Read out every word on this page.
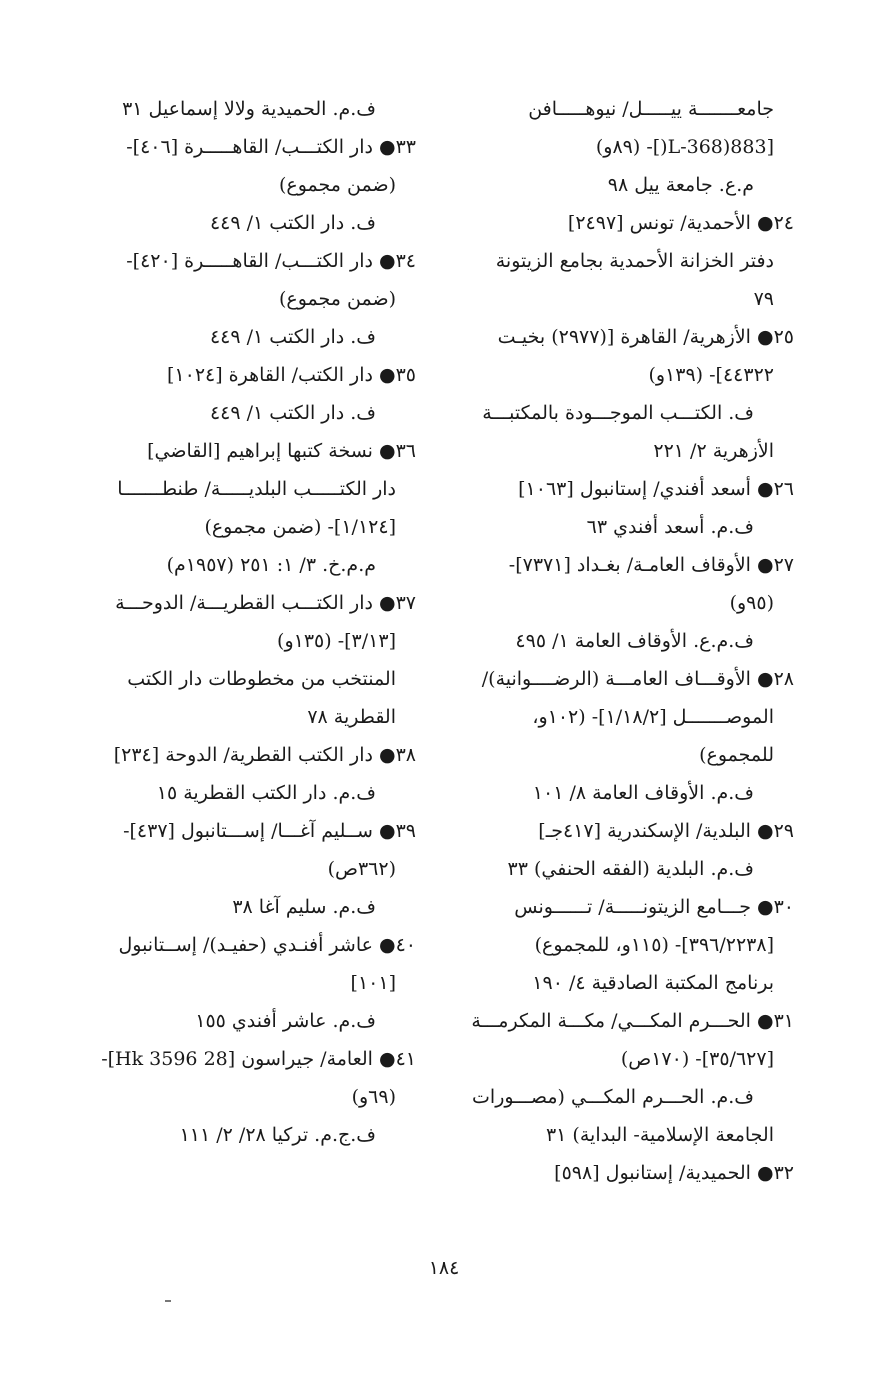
جامعـــــــة ييـــــل/ نيوهـــــافن
[L-368)883(]- (٨٩و)
م.ع. جامعة ييل ٩٨
٢٤● الأحمدية/ تونس [٢٤٩٧]
دفتر الخزانة الأحمدية بجامع الزيتونة
٧٩
٢٥● الأزهرية/ القاهرة [(٢٩٧٧) بخيـت
٤٤٣٢٢]- (١٣٩و)
ف. الكتـــب الموجـــودة بالمكتبـــة
الأزهرية ٢/ ٢٢١
٢٦● أسعد أفندي/ إستانبول [١٠٦٣]
ف.م. أسعد أفندي ٦٣
٢٧● الأوقاف العامـة/ بغـداد [٧٣٧١]-
(٩٥و)
ف.م.ع. الأوقاف العامة ١/ ٤٩٥
٢٨● الأوقـــاف العامـــة (الرضــــوانية)/
الموصـــــــل [١/١٨/٢]- (١٠٢و،
للمجموع)
ف.م. الأوقاف العامة ٨/ ١٠١
٢٩● البلدية/ الإسكندرية [٤١٧جـ]
ف.م. البلدية (الفقه الحنفي) ٣٣
٣٠● جـــامع الزيتونـــــة/ تــــــونس
[٣٩٦/٢٢٣٨]- (١١٥و، للمجموع)
برنامج المكتبة الصادقية ٤/ ١٩٠
٣١● الحـــرم المكـــي/ مكـــة المكرمـــة
[٣٥/٦٢٧]- (١٧٠ص)
ف.م. الحـــرم المكـــي (مصـــورات
الجامعة الإسلامية- البداية) ٣١
٣٢● الحميدية/ إستانبول [٥٩٨]
ف.م. الحميدية ولالا إسماعيل ٣١
٣٣● دار الكتـــب/ القاهـــــرة [٤٠٦]-
(ضمن مجموع)
ف. دار الكتب ١/ ٤٤٩
٣٤● دار الكتـــب/ القاهـــــرة [٤٢٠]-
(ضمن مجموع)
ف. دار الكتب ١/ ٤٤٩
٣٥● دار الكتب/ القاهرة [١٠٢٤]
ف. دار الكتب ١/ ٤٤٩
٣٦● نسخة كتبها إبراهيم [القاضي]
دار الكتـــــب البلديـــــة/ طنطـــــــا
[١/١٢٤]- (ضمن مجموع)
م.م.خ. ٣/ ١: ٢٥١ (١٩٥٧م)
٣٧● دار الكتـــب القطريـــة/ الدوحـــة
[٣/١٣]- (١٣٥و)
المنتخب من مخطوطات دار الكتب
القطرية ٧٨
٣٨● دار الكتب القطرية/ الدوحة [٢٣٤]
ف.م. دار الكتب القطرية ١٥
٣٩● ســليم آغـــا/ إســـتانبول [٤٣٧]-
(٣٦٢ص)
ف.م. سليم آغا ٣٨
٤٠● عاشر أفنـدي (حفيـد)/ إســتانبول
[١٠١]
ف.م. عاشر أفندي ١٥٥
٤١● العامة/ جيراسون [28 Hk 3596]-
(٦٩و)
ف.ج.م. تركيا ٢٨/ ٢/ ١١١
١٨٤
